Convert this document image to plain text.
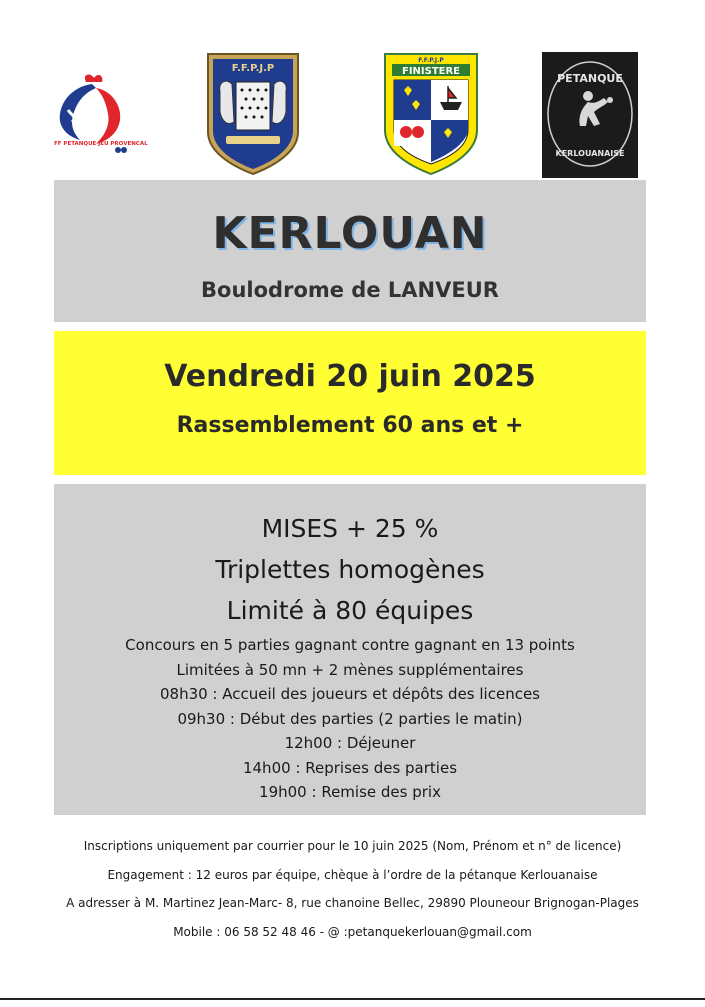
FF PETANQUE JEU PROVENCAL
F.F.P.J.P
F.F.P.J.P
FINISTERE
PETANQUE
KERLOUANAISE
KERLOUAN
Boulodrome de LANVEUR
Vendredi 20 juin 2025
Rassemblement 60 ans et +
MISES + 25 %
Triplettes homogènes
Limité à 80 équipes
Concours en 5 parties gagnant contre gagnant en 13 points
Limitées à 50 mn + 2 mènes supplémentaires
08h30 : Accueil des joueurs et dépôts des licences
09h30 : Début des parties (2 parties le matin)
12h00 : Déjeuner
14h00 : Reprises des parties
19h00 : Remise des prix
Inscriptions uniquement par courrier pour le 10 juin 2025 (Nom, Prénom et n° de licence)
Engagement : 12 euros par équipe, chèque à l’ordre de la pétanque Kerlouanaise
A adresser à M. Martinez Jean-Marc- 8, rue chanoine Bellec, 29890 Plouneour Brignogan-Plages
Mobile : 06 58 52 48 46 - @ :petanquekerlouan@gmail.com
